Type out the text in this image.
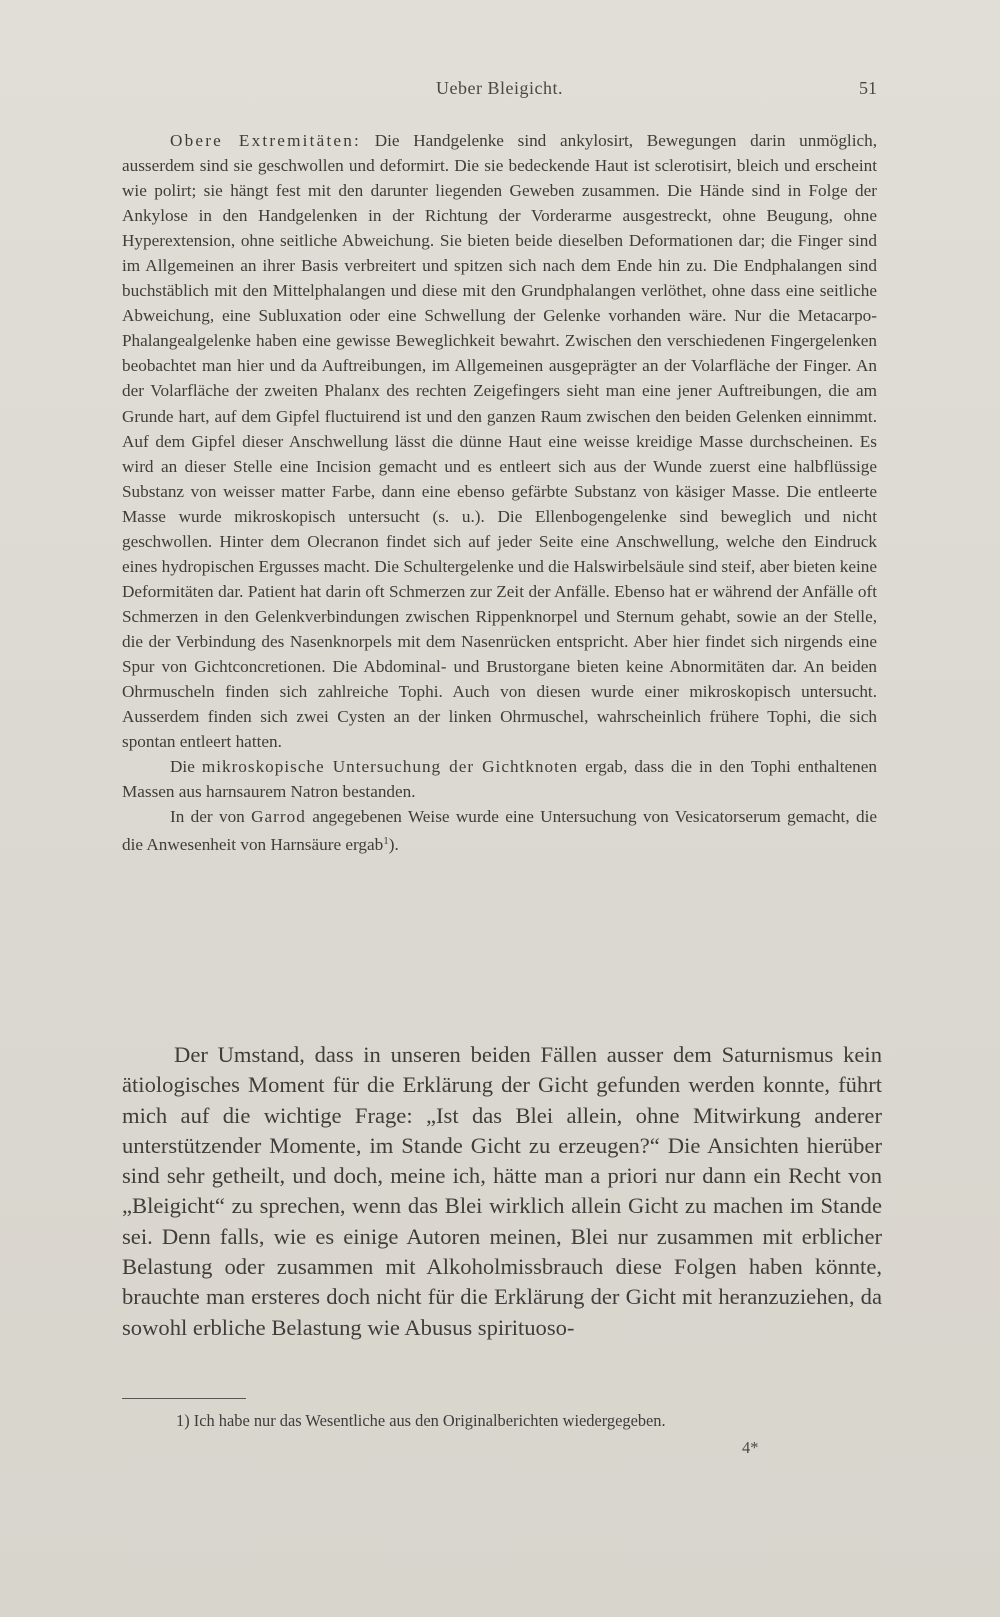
Ueber Bleigicht.	51

Obere Extremitäten: Die Handgelenke sind ankylosirt, Bewegungen darin unmöglich, ausserdem sind sie geschwollen und deformirt. Die sie bedeckende Haut ist sclerotisirt, bleich und erscheint wie polirt; sie hängt fest mit den darunter liegenden Geweben zusammen. Die Hände sind in Folge der Ankylose in den Handgelenken in der Richtung der Vorderarme ausgestreckt, ohne Beugung, ohne Hyperextension, ohne seitliche Abweichung. Sie bieten beide dieselben Deformationen dar; die Finger sind im Allgemeinen an ihrer Basis verbreitert und spitzen sich nach dem Ende hin zu. Die Endphalangen sind buchstäblich mit den Mittelphalangen und diese mit den Grundphalangen verlöthet, ohne dass eine seitliche Abweichung, eine Subluxation oder eine Schwellung der Gelenke vorhanden wäre. Nur die Metacarpo-Phalangealgelenke haben eine gewisse Beweglichkeit bewahrt. Zwischen den verschiedenen Fingergelenken beobachtet man hier und da Auftreibungen, im Allgemeinen ausgeprägter an der Volarfläche der Finger. An der Volarfläche der zweiten Phalanx des rechten Zeigefingers sieht man eine jener Auftreibungen, die am Grunde hart, auf dem Gipfel fluctuirend ist und den ganzen Raum zwischen den beiden Gelenken einnimmt. Auf dem Gipfel dieser Anschwellung lässt die dünne Haut eine weisse kreidige Masse durchscheinen. Es wird an dieser Stelle eine Incision gemacht und es entleert sich aus der Wunde zuerst eine halbflüssige Substanz von weisser matter Farbe, dann eine ebenso gefärbte Substanz von käsiger Masse. Die entleerte Masse wurde mikroskopisch untersucht (s. u.). Die Ellenbogengelenke sind beweglich und nicht geschwollen. Hinter dem Olecranon findet sich auf jeder Seite eine Anschwellung, welche den Eindruck eines hydropischen Ergusses macht. Die Schultergelenke und die Halswirbelsäule sind steif, aber bieten keine Deformitäten dar. Patient hat darin oft Schmerzen zur Zeit der Anfälle. Ebenso hat er während der Anfälle oft Schmerzen in den Gelenkverbindungen zwischen Rippenknorpel und Sternum gehabt, sowie an der Stelle, die der Verbindung des Nasenknorpels mit dem Nasenrücken entspricht. Aber hier findet sich nirgends eine Spur von Gichtconcretionen. Die Abdominal- und Brustorgane bieten keine Abnormitäten dar. An beiden Ohrmuscheln finden sich zahlreiche Tophi. Auch von diesen wurde einer mikroskopisch untersucht. Ausserdem finden sich zwei Cysten an der linken Ohrmuschel, wahrscheinlich frühere Tophi, die sich spontan entleert hatten.

Die mikroskopische Untersuchung der Gichtknoten ergab, dass die in den Tophi enthaltenen Massen aus harnsaurem Natron bestanden.

In der von Garrod angegebenen Weise wurde eine Untersuchung von Vesicatorserum gemacht, die die Anwesenheit von Harnsäure ergab$^1$).

Der Umstand, dass in unseren beiden Fällen ausser dem Saturnismus kein ätiologisches Moment für die Erklärung der Gicht gefunden werden konnte, führt mich auf die wichtige Frage: „Ist das Blei allein, ohne Mitwirkung anderer unterstützender Momente, im Stande Gicht zu erzeugen?“ Die Ansichten hierüber sind sehr getheilt, und doch, meine ich, hätte man a priori nur dann ein Recht von „Bleigicht“ zu sprechen, wenn das Blei wirklich allein Gicht zu machen im Stande sei. Denn falls, wie es einige Autoren meinen, Blei nur zusammen mit erblicher Belastung oder zusammen mit Alkoholmissbrauch diese Folgen haben könnte, brauchte man ersteres doch nicht für die Erklärung der Gicht mit heranzuziehen, da sowohl erbliche Belastung wie Abusus spirituoso-

1) Ich habe nur das Wesentliche aus den Originalberichten wiedergegeben.
4*
